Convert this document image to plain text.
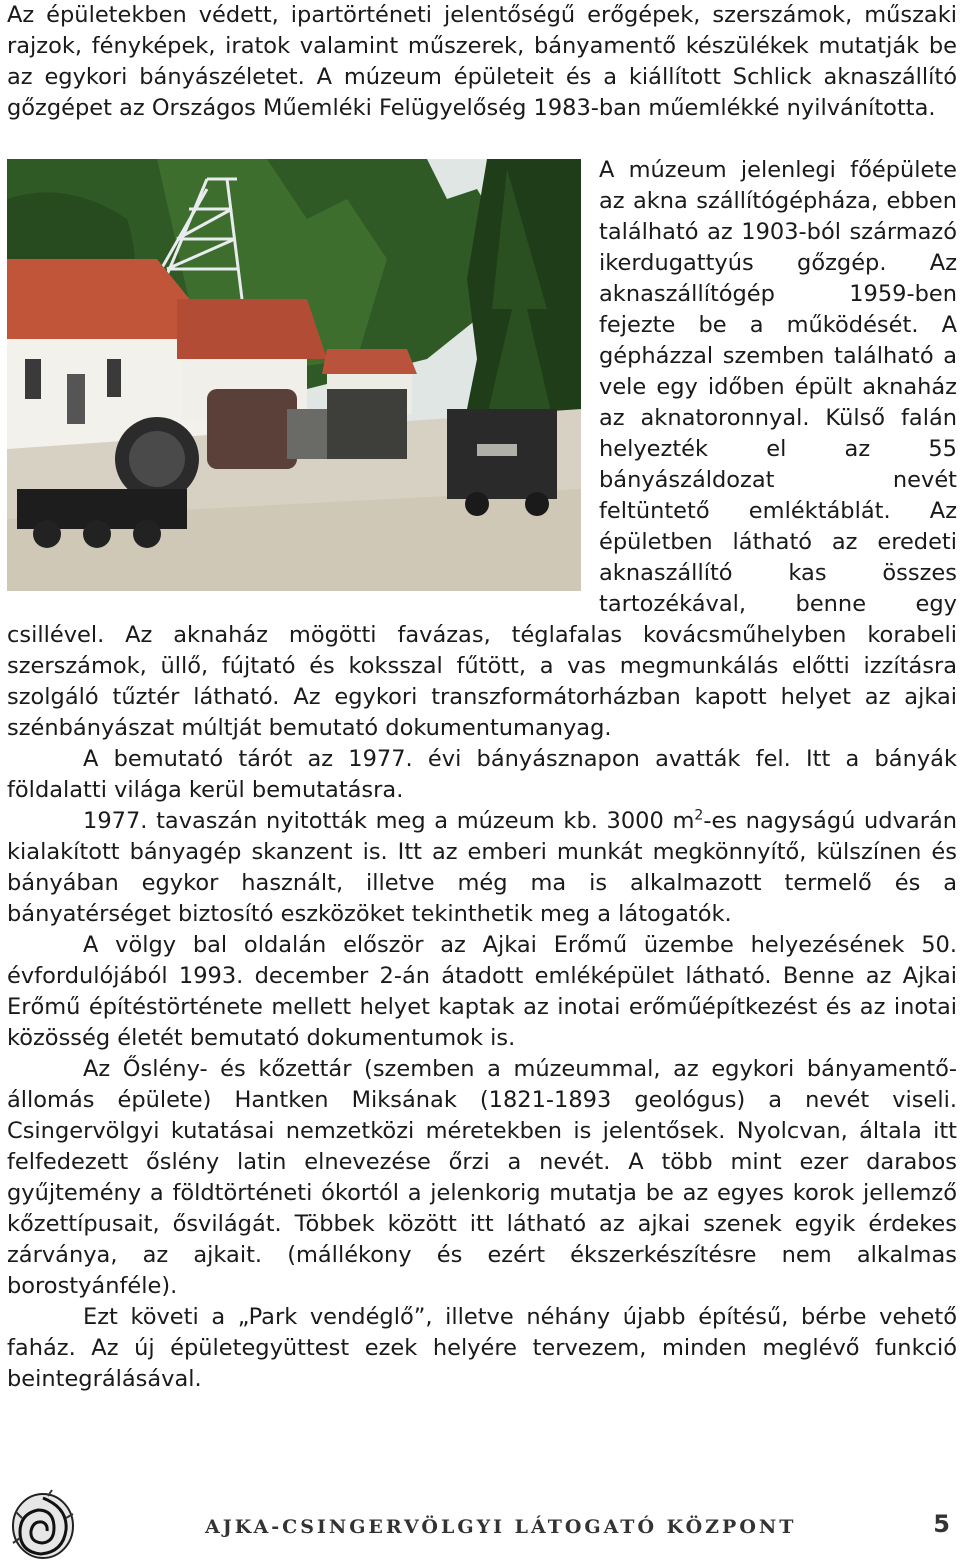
Az épületekben védett, ipartörténeti jelentőségű erőgépek, szerszámok, műszaki rajzok, fényképek, iratok valamint műszerek, bányamentő készülékek mutatják be az egykori bányászéletet. A múzeum épületeit és a kiállított Schlick aknaszállító gőzgépet az Országos Műemléki Felügyelőség 1983-ban műemlékké nyilvánította.

A múzeum jelenlegi főépülete az akna szállítógépháza, ebben található az 1903-ból származó ikerdugattyús gőzgép. Az aknaszállítógép 1959-ben fejezte be a működését. A gépházzal szemben található a vele egy időben épült aknaház az aknatoronnyal. Külső falán helyezték el az 55 bányászáldozat nevét feltüntető emléktáblát. Az épületben látható az eredeti aknaszállító kas összes tartozékával, benne egy csillével. Az aknaház mögötti favázas, téglafalas kovácsműhelyben korabeli szerszámok, üllő, fújtató és koksszal fűtött, a vas megmunkálás előtti izzításra szolgáló tűztér látható. Az egykori transzformátorházban kapott helyet az ajkai szénbányászat múltját bemutató dokumentumanyag.

A bemutató tárót az 1977. évi bányásznapon avatták fel. Itt a bányák földalatti világa kerül bemutatásra.

1977. tavaszán nyitották meg a múzeum kb. 3000 $m^2-es$ nagyságú udvarán kialakított bányagép skanzent is. Itt az emberi munkát megkönnyítő, külszínen és bányában egykor használt, illetve még ma is alkalmazott termelő és a bányatérséget biztosító eszközöket tekinthetik meg a látogatók.

A völgy bal oldalán először az Ajkai Erőmű üzembe helyezésének 50. évfordulójából 1993. december 2-án átadott emléképület látható. Benne az Ajkai Erőmű építéstörténete mellett helyet kaptak az inotai erőműépítkezést és az inotai közösség életét bemutató dokumentumok is.

Az Őslény- és kőzettár (szemben a múzeummal, az egykori bányamentő-állomás épülete) Hantken Miksának (1821-1893 geológus) a nevét viseli. Csingervölgyi kutatásai nemzetközi méretekben is jelentősek. Nyolcvan, általa itt felfedezett őslény latin elnevezése őrzi a nevét. A több mint ezer darabos gyűjtemény a földtörténeti ókortól a jelenkorig mutatja be az egyes korok jellemző kőzettípusait, ősvilágát. Többek között itt látható az ajkai szenek egyik érdekes zárványa, az ajkait. (mállékony és ezért ékszerkészítésre nem alkalmas borostyánféle).

Ezt követi a „Park vendéglő”, illetve néhány újabb építésű, bérbe vehető faház. Az új épületegyüttest ezek helyére tervezem, minden meglévő funkció beintegrálásával.

AJKA-CSINGERVÖLGYI LÁTOGATÓ KÖZPONT	5
